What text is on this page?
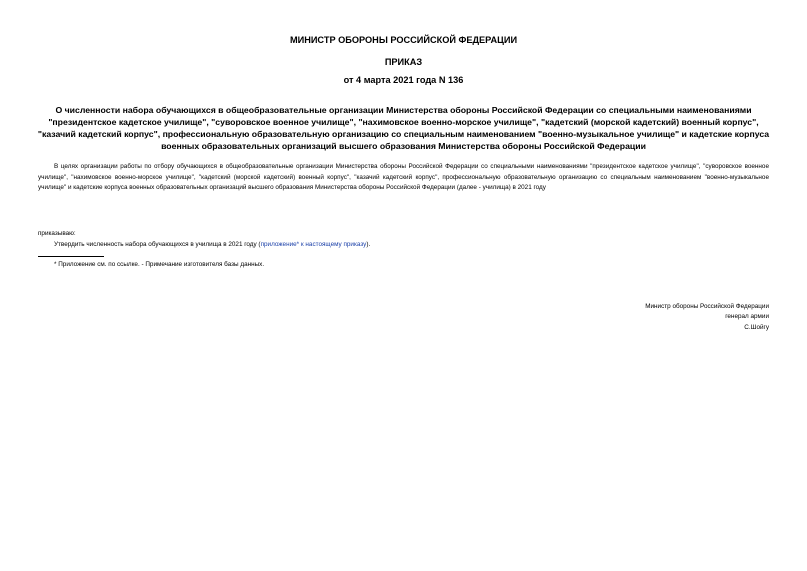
МИНИСТР ОБОРОНЫ РОССИЙСКОЙ ФЕДЕРАЦИИ
ПРИКАЗ
от 4 марта 2021 года N 136
О численности набора обучающихся в общеобразовательные организации Министерства обороны Российской Федерации со специальными наименованиями "президентское кадетское училище", "суворовское военное училище", "нахимовское военно-морское училище", "кадетский (морской кадетский) военный корпус", "казачий кадетский корпус", профессиональную образовательную организацию со специальным наименованием "военно-музыкальное училище" и кадетские корпуса военных образовательных организаций высшего образования Министерства обороны Российской Федерации
В целях организации работы по отбору обучающихся в общеобразовательные организации Министерства обороны Российской Федерации со специальными наименованиями "президентское кадетское училище", "суворовское военное училище", "нахимовское военно-морское училище", "кадетский (морской кадетский) военный корпус", "казачий кадетский корпус", профессиональную образовательную организацию со специальным наименованием "военно-музыкальное училище" и кадетские корпуса военных образовательных организаций высшего образования Министерства обороны Российской Федерации (далее - училища) в 2021 году
приказываю:
Утвердить численность набора обучающихся в училища в 2021 году (приложение* к настоящему приказу).
* Приложение см. по ссылке. - Примечание изготовителя базы данных.
Министр обороны Российской Федерации
генерал армии
С.Шойгу
